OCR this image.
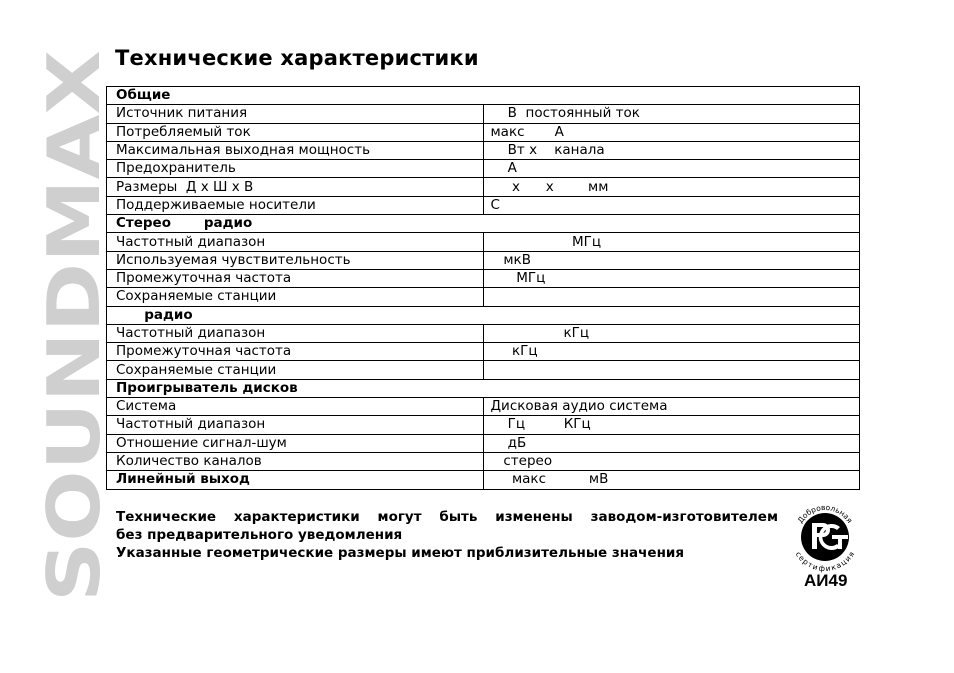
SOUNDMAX
Технические характеристики
Общие	
Источник питания	В  постоянный ток
Потребляемый ток	макс       А
Максимальная выходная мощность	Вт х    канала
Предохранитель	А
Размеры  Д х Ш х В	х      х        мм
Поддерживаемые носители	С
Стерео       радио	
Частотный диапазон	МГц
Используемая чувствительность	мкВ
Промежуточная частота	МГц
Сохраняемые станции	
радио	
Частотный диапазон	кГц
Промежуточная частота	кГц
Сохраняемые станции	
Проигрыватель дисков	
Система	Дисковая аудио система
Частотный диапазон	Гц         КГц
Отношение сигнал-шум	дБ
Количество каналов	стерео
Линейный выход	макс          мВ

Технические характеристики могут быть изменены заводом-изготовителем

без предварительного уведомления

Указанные геометрические размеры имеют приблизительные значения

Добровольная
сертификация
АИ49
